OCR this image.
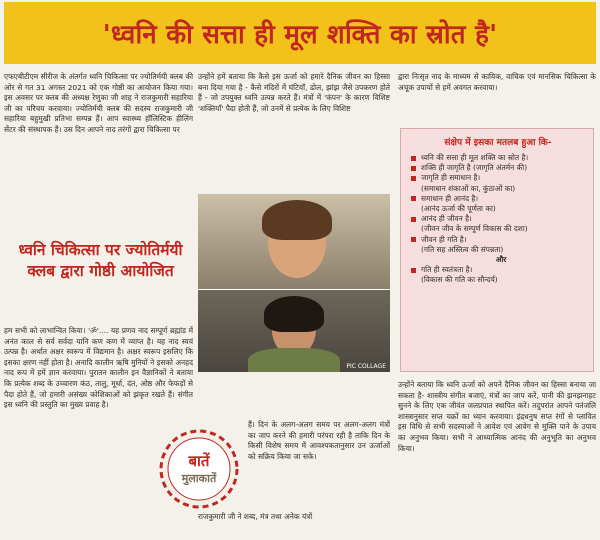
'ध्वनि की सत्ता ही मूल शक्ति का स्रोत है'
एफएबीटीएम सीरीज के अंतर्गत ध्वनि चिकित्सा पर ज्योतिर्मयी क्लब की ओर से गत 31 अगस्त 2021 को एक गोष्ठी का आयोजन किया गया। इस अवसर पर क्लब की अध्यक्ष रेणुका जी शाह ने राजकुमारी सहारिया जी का परिचय करवाया। ज्योतिर्मयी क्लब की सदस्य राजकुमारी जी सहारिया बहुमुखी प्रतिभा सम्पन्न हैं। आप स्वास्थ्य हॉलिस्टिक हीलिंग सेंटर की संस्थापक हैं। उस दिन आपने नाद तरंगों द्वारा चिकित्सा पर
ध्वनि चिकित्सा पर ज्योतिर्मयी क्लब द्वारा गोष्ठी आयोजित
हम सभी को लाभान्वित किया। 'ॐ'.... यह प्रणव नाद सम्पूर्ण ब्रह्मांड में अनंत काल से सर्व सर्वदा यानि कण कण में व्याप्त है। यह नाद स्वयं उत्पन्न है। अर्थात अक्षर स्वरूप में विद्यमान है। अक्षर स्वरूप इसलिए कि इसका क्षरण नहीं होता है। अनादि कालीन ऋषि मुनियों ने इसको अनहद नाद रूप में हमें ज्ञान करवाया। पुरातन कालीन इन वैज्ञानिकों ने बताया कि प्रत्येक शब्द के उच्चारण कंठ, तालु, मूर्धा, दंत, ओष्ठ और फेफड़ों से पैदा होते हैं, जो हमारी असंख्य कोशिकाओं को झंकृत रखते हैं। संगीत इस ध्वनि की प्रस्तुति का मुख्य प्रवाह है।
उन्होंने हमें बताया कि कैसे इस ऊर्जा को हमारे दैनिक जीवन का हिस्सा बना दिया गया है - कैसे मंदिरों में घंटियाँ, ढोल, झांझ जैसे उपकरण होते हैं - जो उपयुक्त ध्वनि उत्पन्न करते हैं। मंत्रों में 'कंपन' के कारण विशिष्ट 'शक्तियाँ' पैदा होती हैं, जो उनमें से प्रत्येक के लिए विशिष्ट
PIC COLLAGE
बातें
मुलाकातें
हैं। दिन के अलग-अलग समय पर अलग-अलग मंत्रों का जाप करने की हमारी परंपरा रही है ताकि दिन के किसी विशेष समय में आवश्यकतानुसार उन ऊर्जाओं को सक्रिय किया जा सके।
राजकुमारी जी ने शब्द, मंत्र तथा अनेक यंत्रों
द्वारा निःसृत नाद के माध्यम से कायिक, वाचिक एवं मानसिक चिकित्सा के अचूक उपायों से हमें अवगत करवाया।
संक्षेप में इसका मतलब हुआ कि-
ध्वनि की सत्ता ही मूल शक्ति का स्रोत है।
शक्ति ही जागृति है (जागृति अंतर्मन की)
जागृति ही समाधान है।
(समाधान शंकाओं का, कुंठाओं का)
समाधान ही आनंद है।
(आनंद ऊर्जा की पूर्णता का)
आनंद ही जीवन है।
(जीवन जीव के सम्पूर्ण विकास की दशा)
जीवन ही गति है।
(गति सह अस्तित्व की संपन्नता)
और
गति ही स्वतंत्रता है।
(विकास की गति का सौन्दर्य)
उन्होंने बताया कि ध्वनि ऊर्जा को अपने दैनिक जीवन का हिस्सा बनाया जा सकता है- शास्त्रीय संगीत बजाएं, मंत्रों का जाप करें, पानी की झनझनाहट सुनने के लिए एक जीवंत जलप्रपात स्थापित करें। तदुपरांत आपने पतंजलि शास्त्रानुसार सप्त चक्रों का ध्यान करवाया। इंद्रधनुष सप्त रंगों से प्लावित इस विधि से सभी सदस्याओं ने आवेश एवं आवेग से मुक्ति पाने के उपाय का अनुभव किया। सभी ने आध्यात्मिक आनंद की अनुभूति का अनुभव किया।
